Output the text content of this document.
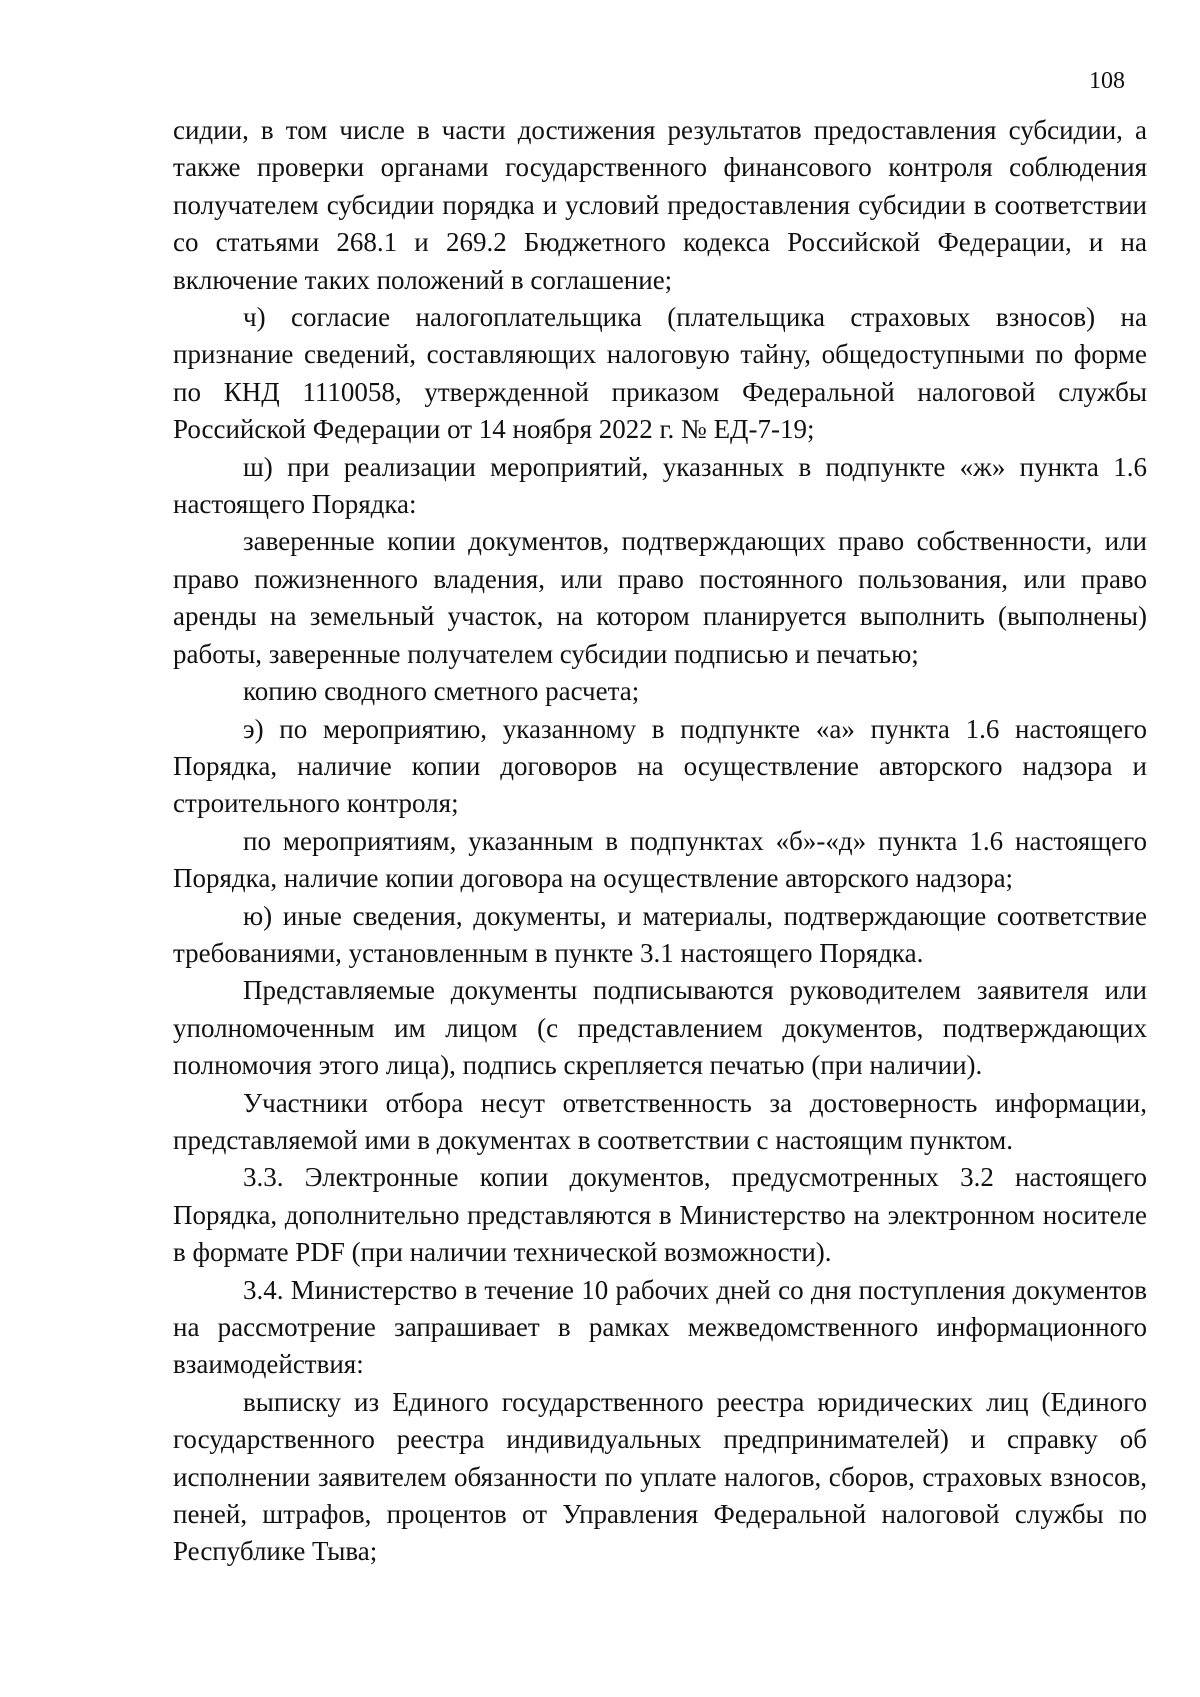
108

сидии, в том числе в части достижения результатов предоставления субсидии, а также проверки органами государственного финансового контроля соблюдения получателем субсидии порядка и условий предоставления субсидии в соответствии со статьями 268.1 и 269.2 Бюджетного кодекса Российской Федерации, и на включение таких положений в соглашение;

ч) согласие налогоплательщика (плательщика страховых взносов) на признание сведений, составляющих налоговую тайну, общедоступными по форме по КНД 1110058, утвержденной приказом Федеральной налоговой службы Российской Федерации от 14 ноября 2022 г. № ЕД-7-19;

ш) при реализации мероприятий, указанных в подпункте «ж» пункта 1.6 настоящего Порядка:

заверенные копии документов, подтверждающих право собственности, или право пожизненного владения, или право постоянного пользования, или право аренды на земельный участок, на котором планируется выполнить (выполнены) работы, заверенные получателем субсидии подписью и печатью;

копию сводного сметного расчета;

э) по мероприятию, указанному в подпункте «а» пункта 1.6 настоящего Порядка, наличие копии договоров на осуществление авторского надзора и строительного контроля;

по мероприятиям, указанным в подпунктах «б»-«д» пункта 1.6 настоящего Порядка, наличие копии договора на осуществление авторского надзора;

ю) иные сведения, документы, и материалы, подтверждающие соответствие требованиями, установленным в пункте 3.1 настоящего Порядка.

Представляемые документы подписываются руководителем заявителя или уполномоченным им лицом (с представлением документов, подтверждающих полномочия этого лица), подпись скрепляется печатью (при наличии).

Участники отбора несут ответственность за достоверность информации, представляемой ими в документах в соответствии с настоящим пунктом.

3.3. Электронные копии документов, предусмотренных 3.2 настоящего Порядка, дополнительно представляются в Министерство на электронном носителе в формате PDF (при наличии технической возможности).

3.4. Министерство в течение 10 рабочих дней со дня поступления документов на рассмотрение запрашивает в рамках межведомственного информационного взаимодействия:

выписку из Единого государственного реестра юридических лиц (Единого государственного реестра индивидуальных предпринимателей) и справку об исполнении заявителем обязанности по уплате налогов, сборов, страховых взносов, пеней, штрафов, процентов от Управления Федеральной налоговой службы по Республике Тыва;
